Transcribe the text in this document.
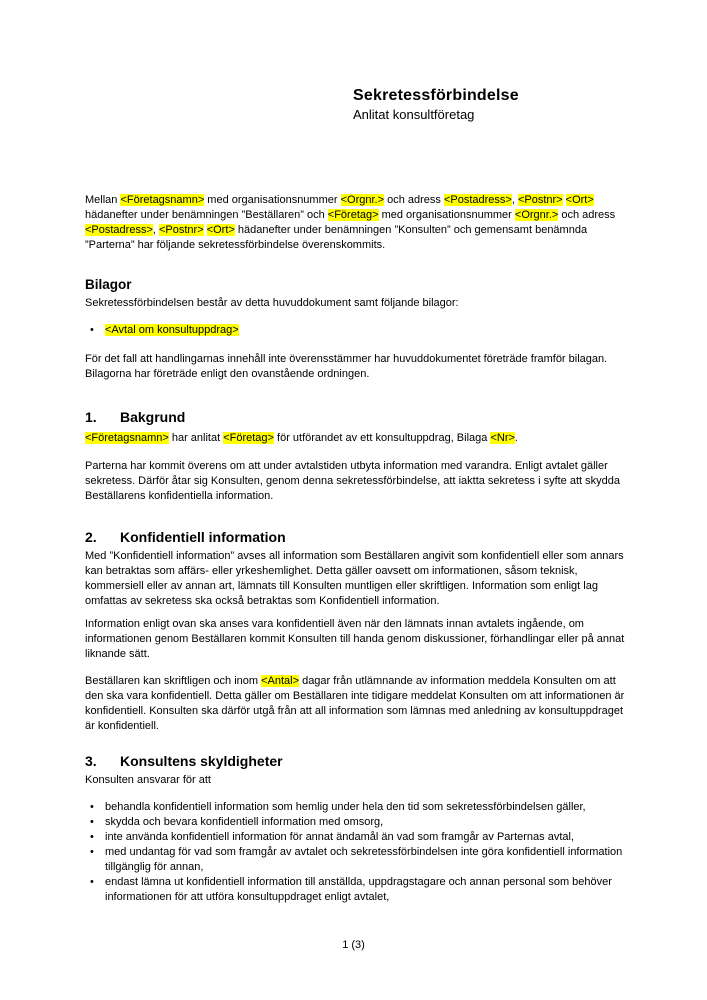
Sekretessförbindelse
Anlitat konsultföretag

Mellan <Företagsnamn> med organisationsnummer <Orgnr.> och adress <Postadress>, <Postnr> <Ort> hädanefter under benämningen ”Beställaren” och <Företag> med organisationsnummer <Orgnr.> och adress <Postadress>, <Postnr> <Ort> hädanefter under benämningen ”Konsulten” och gemensamt benämnda ”Parterna” har följande sekretessförbindelse överenskommits.

Bilagor

Sekretessförbindelsen består av detta huvuddokument samt följande bilagor:

• <Avtal om konsultuppdrag>

För det fall att handlingarnas innehåll inte överensstämmer har huvuddokumentet företräde framför bilagan. Bilagorna har företräde enligt den ovanstående ordningen.

1. Bakgrund

<Företagsnamn> har anlitat <Företag> för utförandet av ett konsultuppdrag, Bilaga <Nr>.

Parterna har kommit överens om att under avtalstiden utbyta information med varandra. Enligt avtalet gäller sekretess. Därför åtar sig Konsulten, genom denna sekretessförbindelse, att iaktta sekretess i syfte att skydda Beställarens konfidentiella information.

2. Konfidentiell information

Med ”Konfidentiell information” avses all information som Beställaren angivit som konfidentiell eller som annars kan betraktas som affärs- eller yrkeshemlighet. Detta gäller oavsett om informationen, såsom teknisk, kommersiell eller av annan art, lämnats till Konsulten muntligen eller skriftligen. Information som enligt lag omfattas av sekretess ska också betraktas som Konfidentiell information.

Information enligt ovan ska anses vara konfidentiell även när den lämnats innan avtalets ingående, om informationen genom Beställaren kommit Konsulten till handa genom diskussioner, förhandlingar eller på annat liknande sätt.

Beställaren kan skriftligen och inom <Antal> dagar från utlämnande av information meddela Konsulten om att den ska vara konfidentiell. Detta gäller om Beställaren inte tidigare meddelat Konsulten om att informationen är konfidentiell. Konsulten ska därför utgå från att all information som lämnas med anledning av konsultuppdraget är konfidentiell.

3. Konsultens skyldigheter

Konsulten ansvarar för att

• behandla konfidentiell information som hemlig under hela den tid som sekretessförbindelsen gäller,
• skydda och bevara konfidentiell information med omsorg,
• inte använda konfidentiell information för annat ändamål än vad som framgår av Parternas avtal,
• med undantag för vad som framgår av avtalet och sekretessförbindelsen inte göra konfidentiell information tillgänglig för annan,
• endast lämna ut konfidentiell information till anställda, uppdragstagare och annan personal som behöver informationen för att utföra konsultuppdraget enligt avtalet,
1 (3)
